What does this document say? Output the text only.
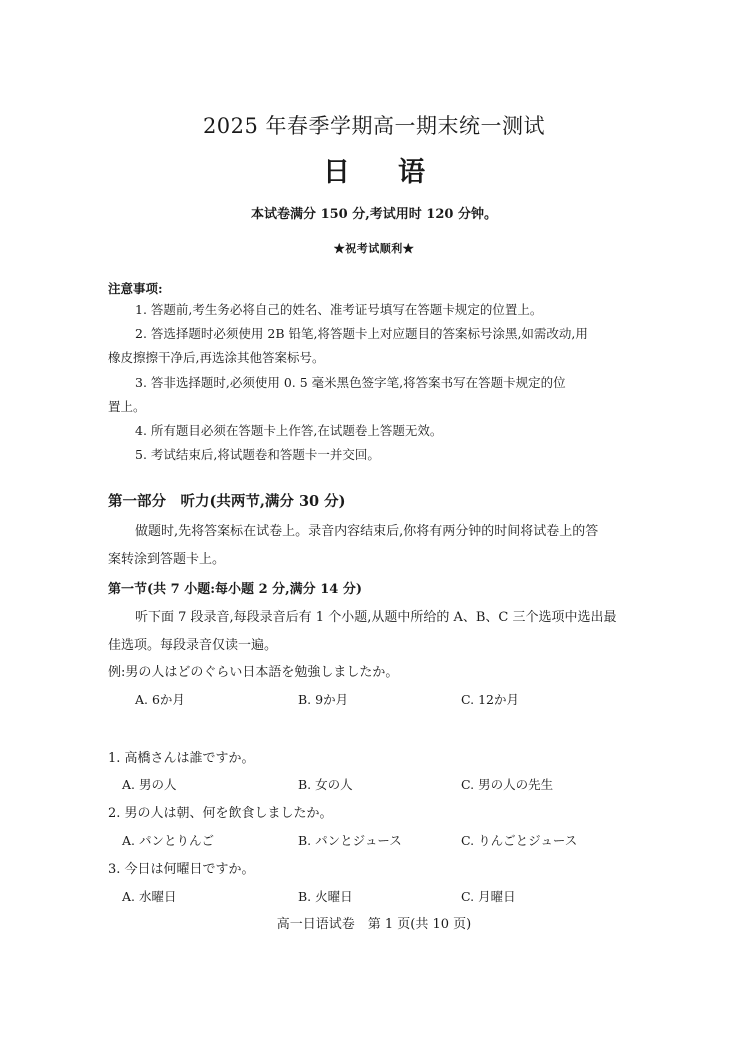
2025 年春季学期高一期末统一测试
日语
本试卷满分 150 分,考试用时 120 分钟。
★祝考试顺利★
注意事项:
1. 答题前,考生务必将自己的姓名、准考证号填写在答题卡规定的位置上。
2. 答选择题时必须使用 2B 铅笔,将答题卡上对应题目的答案标号涂黑,如需改动,用
橡皮擦擦干净后,再选涂其他答案标号。
3. 答非选择题时,必须使用 0. 5 毫米黑色签字笔,将答案书写在答题卡规定的位
置上。
4. 所有题目必须在答题卡上作答,在试题卷上答题无效。
5. 考试结束后,将试题卷和答题卡一并交回。
第一部分　听力(共两节,满分 30 分)
做题时,先将答案标在试卷上。录音内容结束后,你将有两分钟的时间将试卷上的答
案转涂到答题卡上。
第一节(共 7 小题:每小题 2 分,满分 14 分)
听下面 7 段录音,每段录音后有 1 个小题,从题中所给的 A、B、C 三个选项中选出最
佳选项。每段录音仅读一遍。
例:男の人はどのぐらい日本語を勉強しましたか。
A. 6か月	B. 9か月	C. 12か月
1. 高橋さんは誰ですか。
A. 男の人	B. 女の人	C. 男の人の先生
2. 男の人は朝、何を飲食しましたか。
A. パンとりんご	B. パンとジュース	C. りんごとジュース
3. 今日は何曜日ですか。
A. 水曜日	B. 火曜日	C. 月曜日
高一日语试卷　第 1 页(共 10 页)
